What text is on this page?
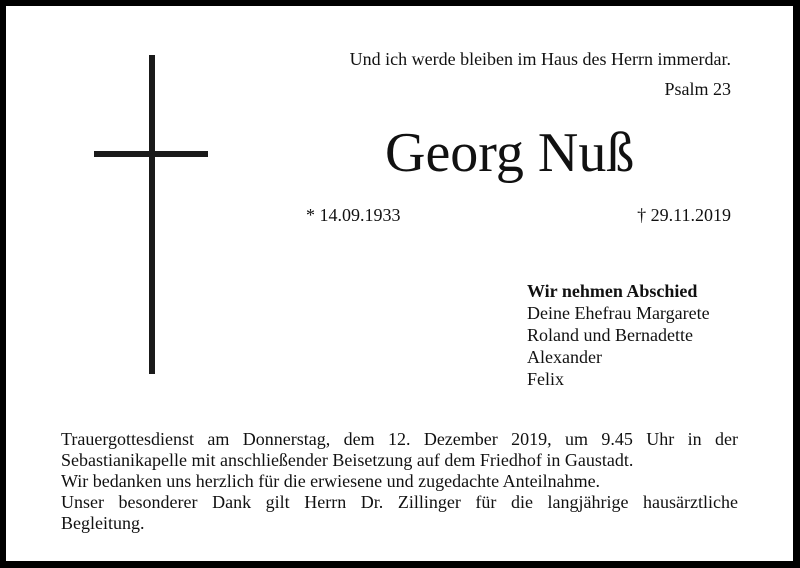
Und ich werde bleiben im Haus des Herrn immerdar.
Psalm 23
Georg Nuß
* 14.09.1933	† 29.11.2019
Wir nehmen Abschied
Deine Ehefrau Margarete
Roland und Bernadette
Alexander
Felix

Trauergottesdienst am Donnerstag, dem 12. Dezember 2019, um 9.45 Uhr in der

Sebastianikapelle mit anschließender Beisetzung auf dem Friedhof in Gaustadt.

Wir bedanken uns herzlich für die erwiesene und zugedachte Anteilnahme.

Unser besonderer Dank gilt Herrn Dr. Zillinger für die langjährige hausärztliche

Begleitung.
